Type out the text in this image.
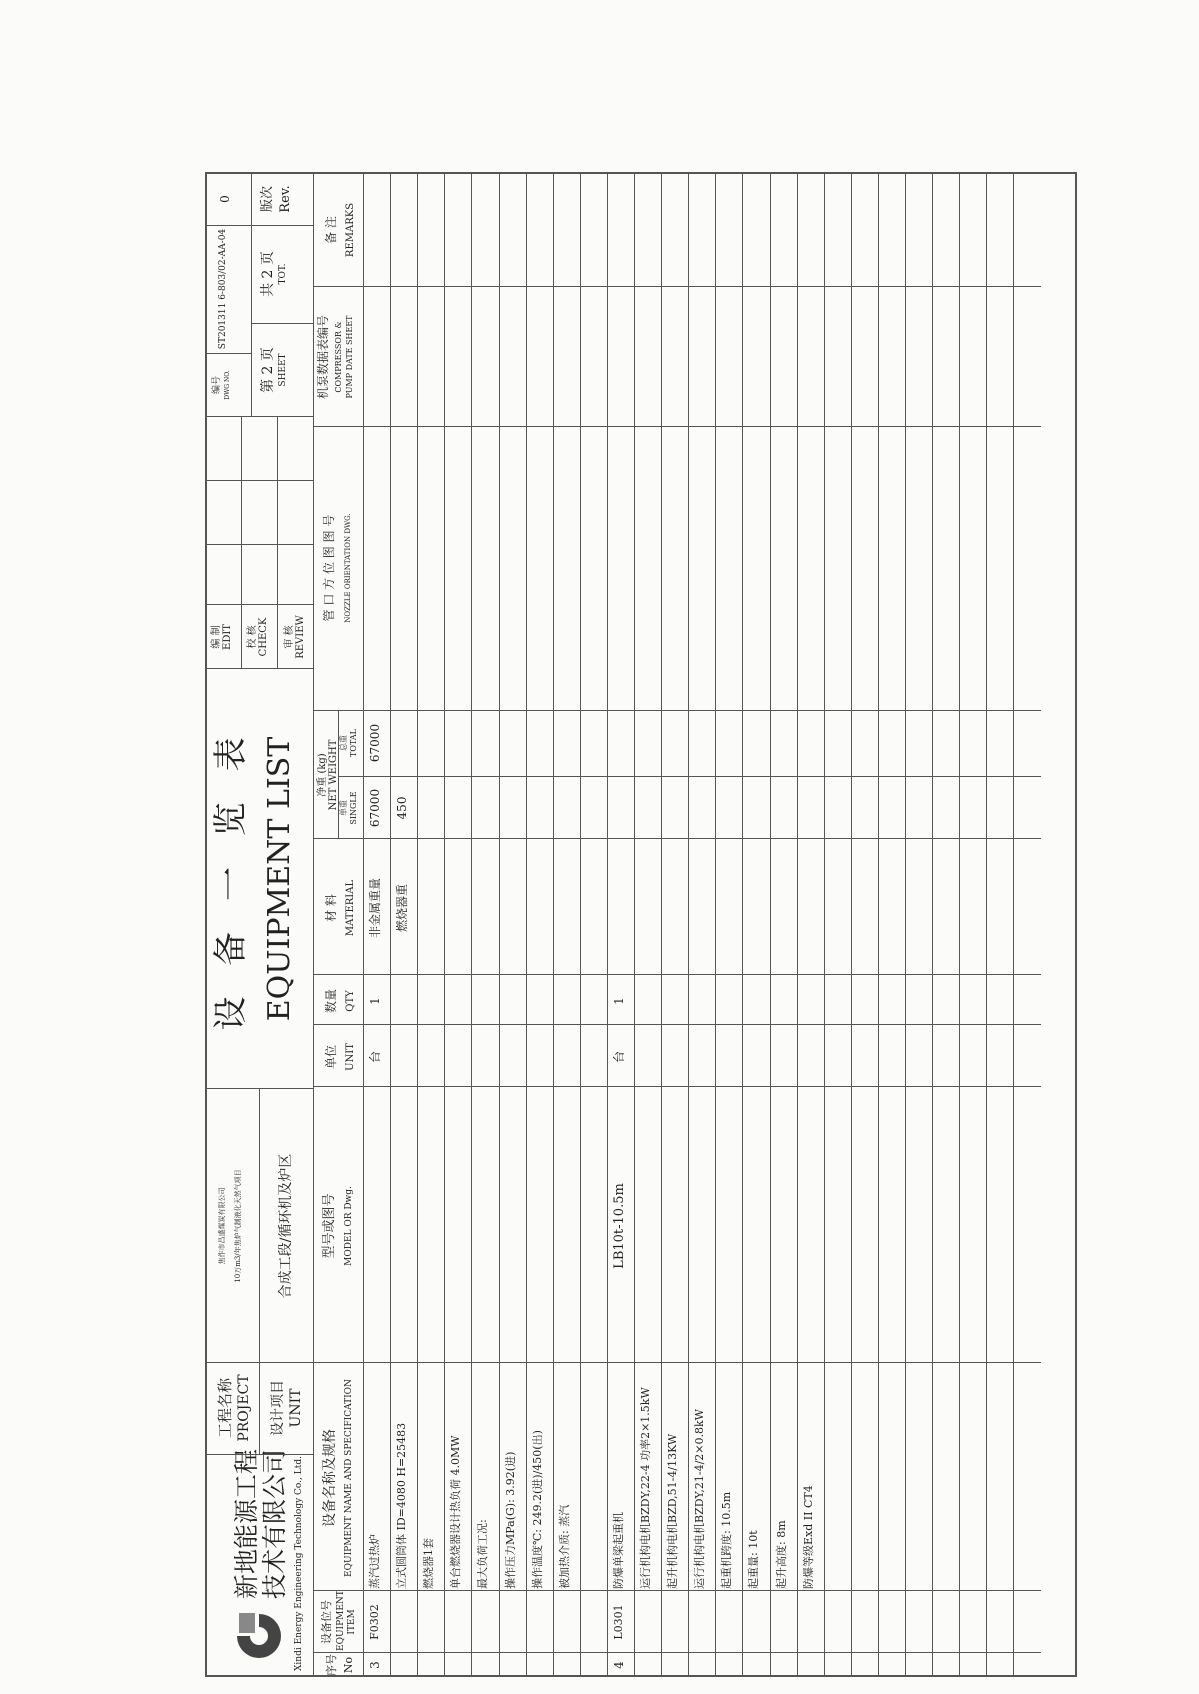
新地能源工程 技术有限公司 Xindi Energy Engineering Technology Co., Ltd.
工程名称 PROJECT 设计项目 UNIT
焦作市昌盛煤炭有限公司 10万m3/年焦炉气制液化天然气项目	合成工段/循环机及炉区
设 备 一 览 表 EQUIPMENT LIST
编 制 EDIT 校 核 CHECK 审 核 REVIEW
编号 DWG NO.
ST201311 6-803/02-AA-04
0
第 2 页 SHEET
共 2 页 TOT.
版次 Rev.
序号 No
设备位号 EQUIPMENT ITEM
设备名称及规格 EQUIPMENT NAME AND SPECIFICATION
型号或图号 MODEL OR Dwg.
单位 UNIT
数量 QTY
材 料 MATERIAL
净重 (kg) NET WEIGHT 单重 SINGLE
总重 TOTAL
管 口 方 位 图 图 号 NOZZLE ORIENTATION DWG.
机泵数据表编号 COMPRESSOR & PUMP DATE SHEET
备 注 REMARKS
3
F0302
蒸汽过热炉
台
1
非金属重量
67000
67000
立式圆筒体 ID=4080 H=25483
燃烧器重
450
燃烧器1套 单台燃烧器设计热负荷 4.0MW 最大负荷工况: 操作压力MPa(G): 3.92(进) 操作温度℃: 249.2(进)/450(出) 被加热介质: 蒸汽
4
L0301
防爆单梁起重机
LB10t-10.5m
台
1
运行机构电机BZDY,22-4 功率2×1.5kW 起升机构电机BZD,51-4/13KW 运行机构电机BZDY,21-4/2×0.8kW 起重机跨度: 10.5m 起重量: 10t 起升高度: 8m 防爆等级Exd II CT4
